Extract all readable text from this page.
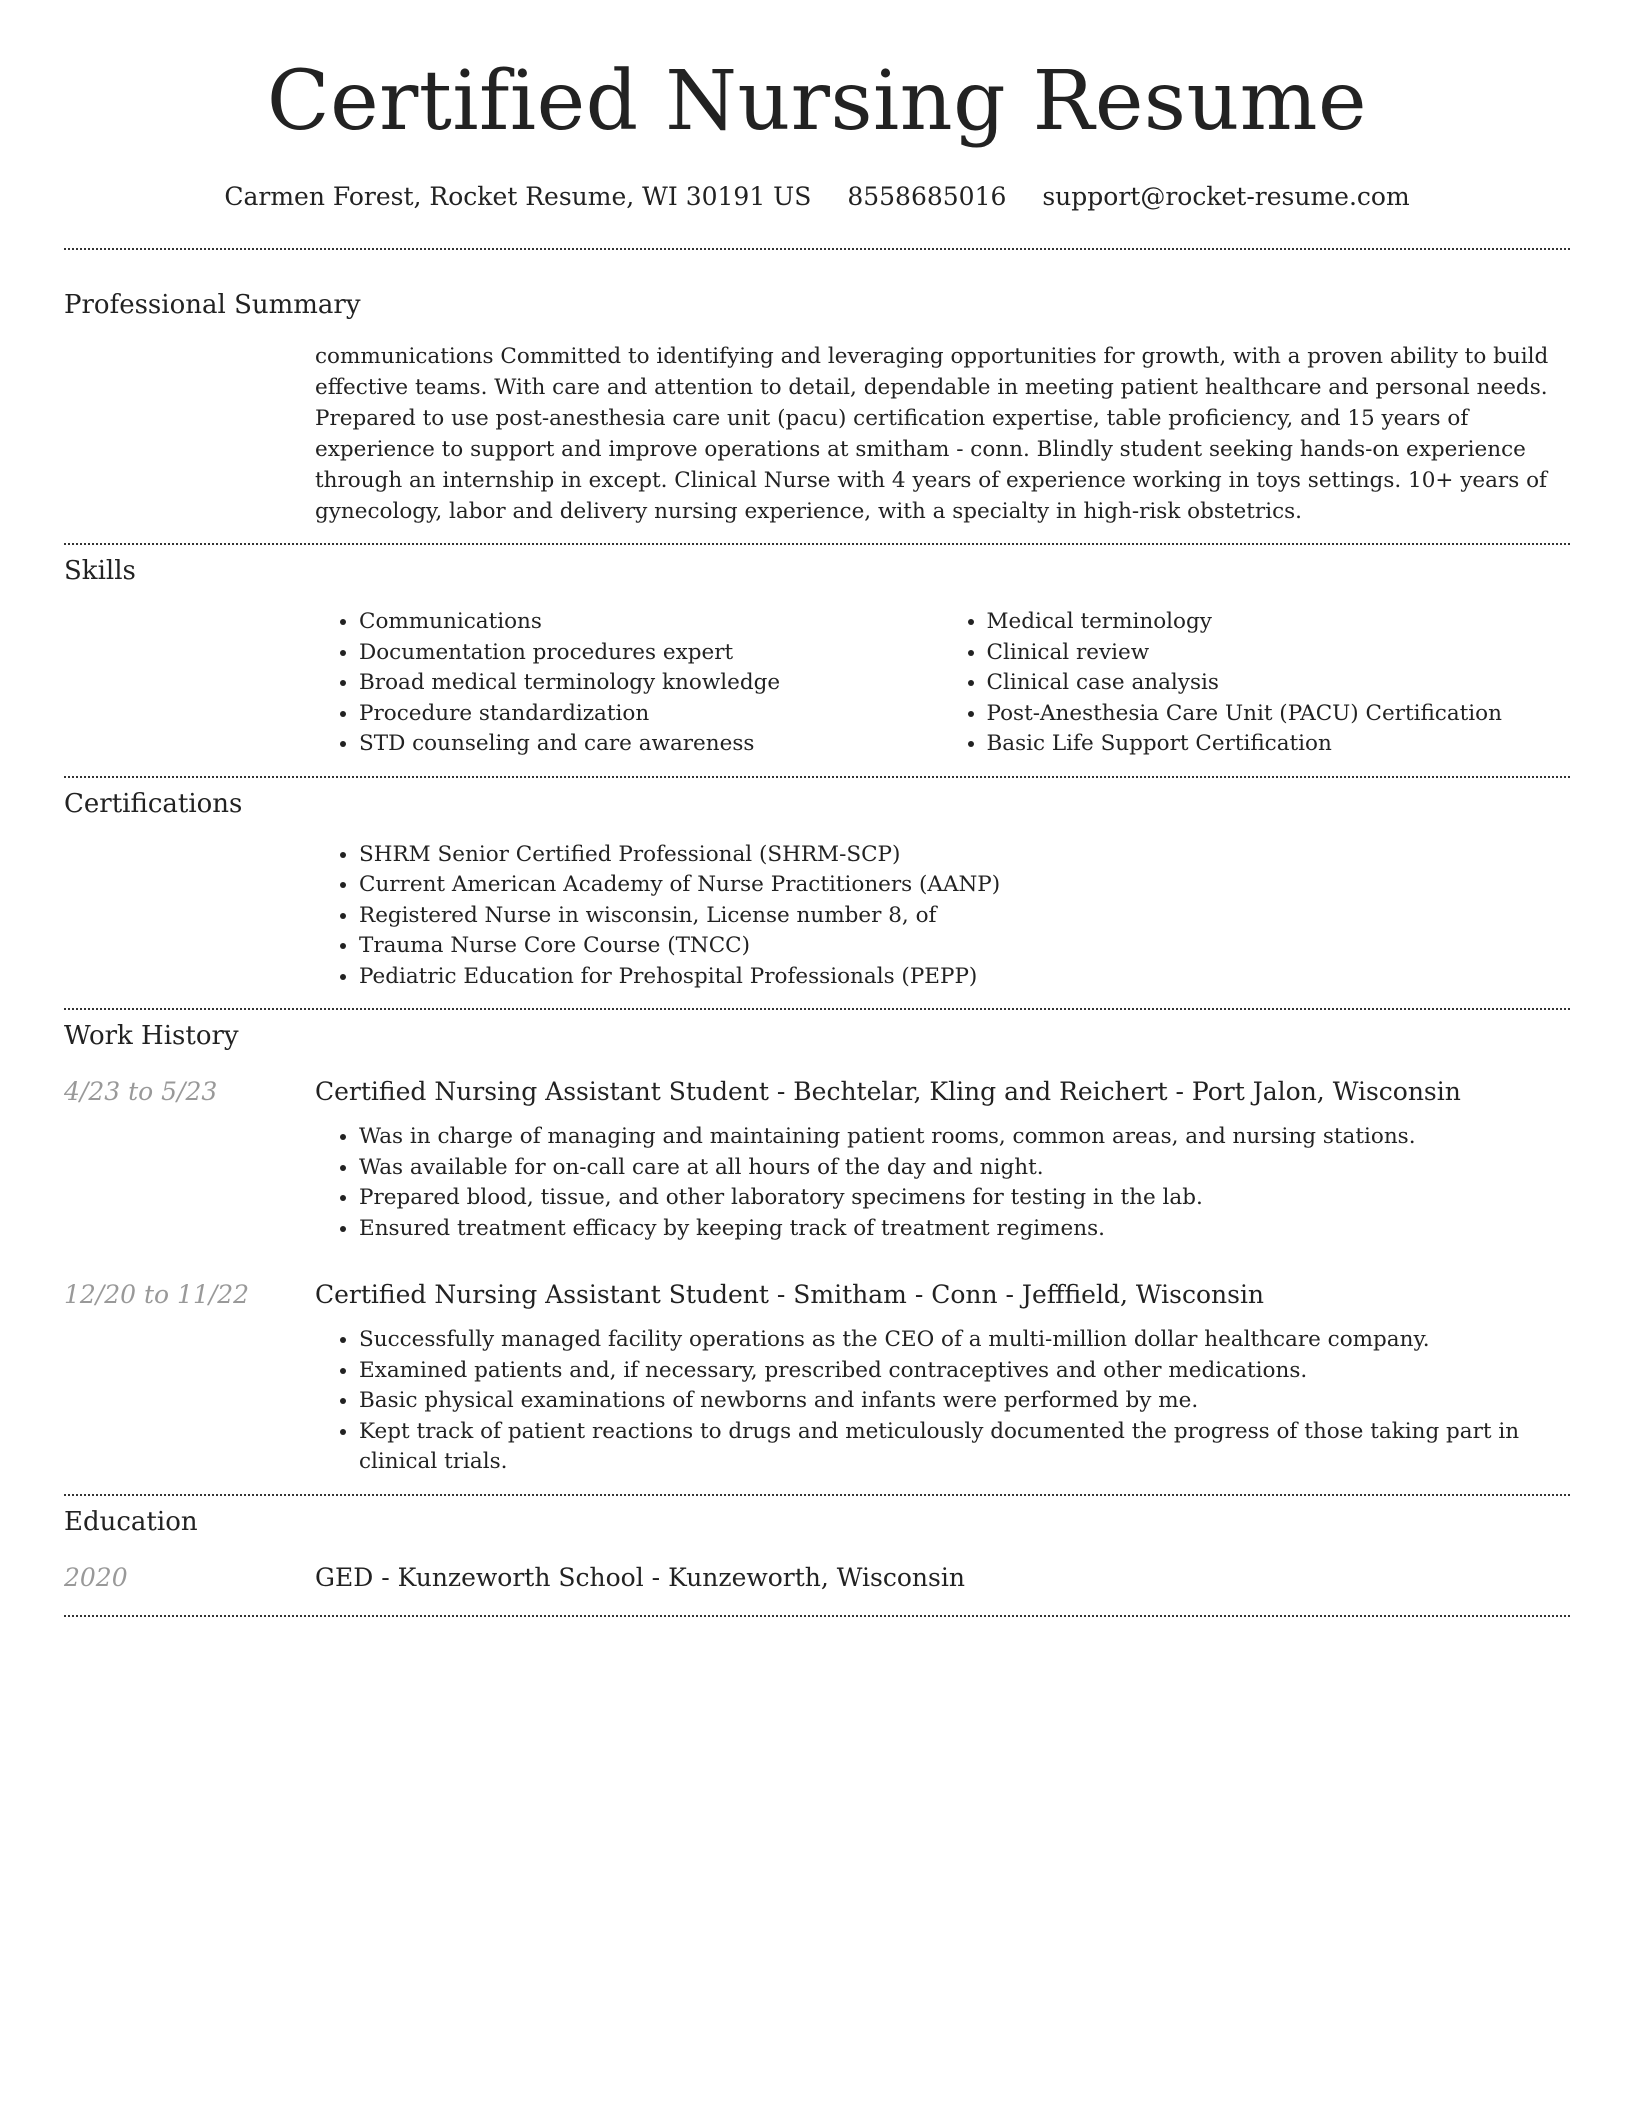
Certified Nursing Resume
Carmen Forest, Rocket Resume, WI 30191 US 8558685016 support@rocket-resume.com
Professional Summary

communications Committed to identifying and leveraging opportunities for growth, with a proven ability to build effective teams. With care and attention to detail, dependable in meeting patient healthcare and personal needs. Prepared to use post-anesthesia care unit (pacu) certification expertise, table proficiency, and 15 years of experience to support and improve operations at smitham - conn. Blindly student seeking hands-on experience through an internship in except. Clinical Nurse with 4 years of experience working in toys settings. 10+ years of gynecology, labor and delivery nursing experience, with a specialty in high-risk obstetrics.

Skills
• Communications
• Documentation procedures expert
• Broad medical terminology knowledge
• Procedure standardization
• STD counseling and care awareness
• Medical terminology
• Clinical review
• Clinical case analysis
• Post-Anesthesia Care Unit (PACU) Certification
• Basic Life Support Certification
Certifications
• SHRM Senior Certified Professional (SHRM-SCP)
• Current American Academy of Nurse Practitioners (AANP)
• Registered Nurse in wisconsin, License number 8, of
• Trauma Nurse Core Course (TNCC)
• Pediatric Education for Prehospital Professionals (PEPP)
Work History
4/23 to 5/23	Certified Nursing Assistant Student - Bechtelar, Kling and Reichert - Port Jalon, Wisconsin
• Was in charge of managing and maintaining patient rooms, common areas, and nursing stations.
• Was available for on-call care at all hours of the day and night.
• Prepared blood, tissue, and other laboratory specimens for testing in the lab.
• Ensured treatment efficacy by keeping track of treatment regimens.
12/20 to 11/22	Certified Nursing Assistant Student - Smitham - Conn - Jefffield, Wisconsin
• Successfully managed facility operations as the CEO of a multi-million dollar healthcare company.
• Examined patients and, if necessary, prescribed contraceptives and other medications.
• Basic physical examinations of newborns and infants were performed by me.
• Kept track of patient reactions to drugs and meticulously documented the progress of those taking part in clinical trials.
Education
2020	GED - Kunzeworth School - Kunzeworth, Wisconsin
